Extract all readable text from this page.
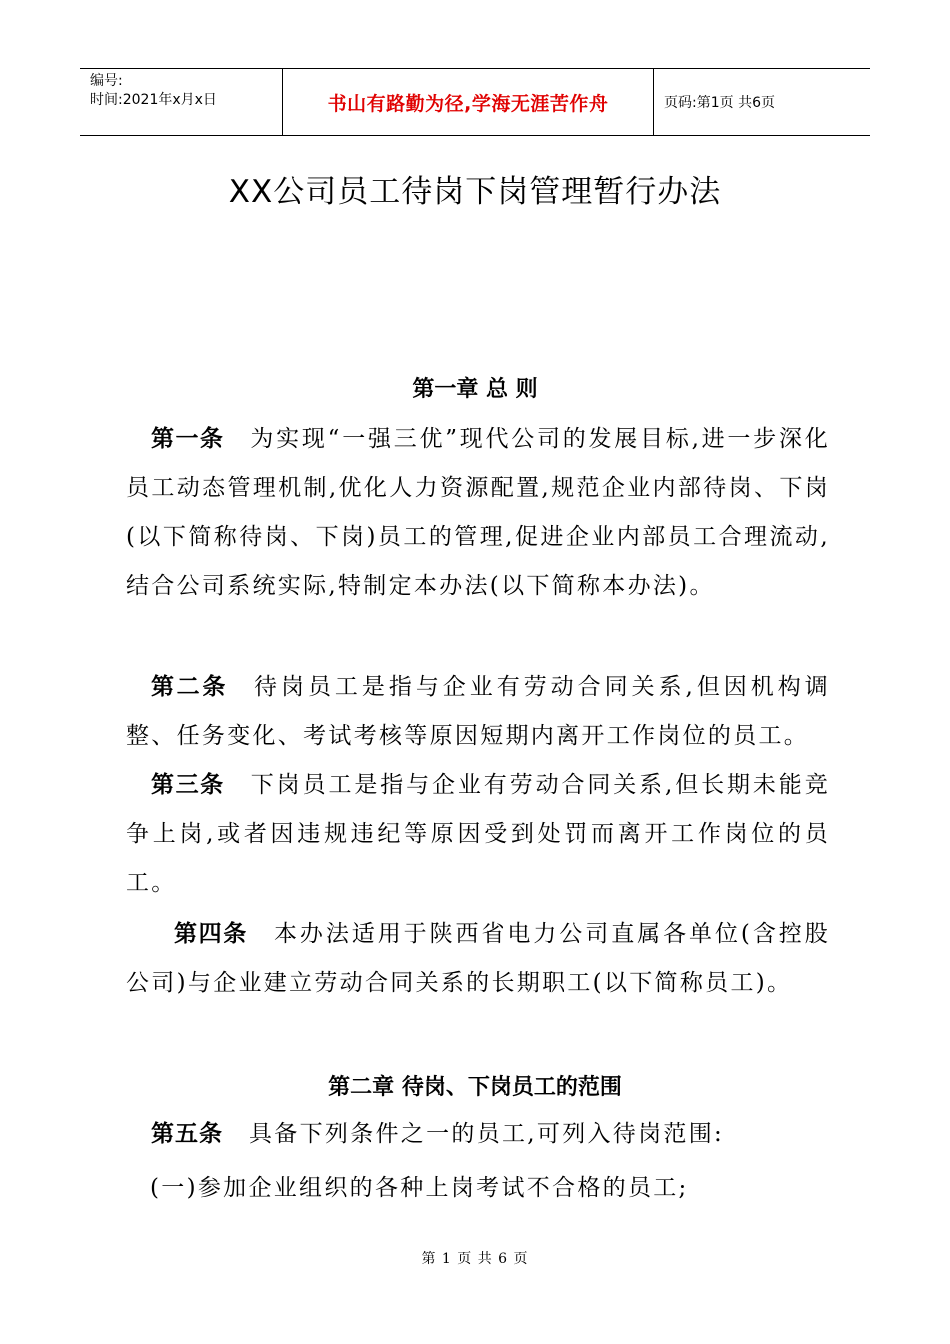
编号:
时间:2021年x月x日	书山有路勤为径,学海无涯苦作舟	页码:第1页 共6页
XX公司员工待岗下岗管理暂行办法
第一章 总 则
第一条 为实现“一强三优”现代公司的发展目标,进一步深化员工动态管理机制,优化人力资源配置,规范企业内部待岗、下岗(以下简称待岗、下岗)员工的管理,促进企业内部员工合理流动,结合公司系统实际,特制定本办法(以下简称本办法)。
第二条 待岗员工是指与企业有劳动合同关系,但因机构调整、任务变化、考试考核等原因短期内离开工作岗位的员工。
第三条 下岗员工是指与企业有劳动合同关系,但长期未能竞争上岗,或者因违规违纪等原因受到处罚而离开工作岗位的员工。
第四条 本办法适用于陕西省电力公司直属各单位(含控股公司)与企业建立劳动合同关系的长期职工(以下简称员工)。
第二章 待岗、下岗员工的范围
第五条 具备下列条件之一的员工,可列入待岗范围:
(一)参加企业组织的各种上岗考试不合格的员工;
第 1 页 共 6 页
